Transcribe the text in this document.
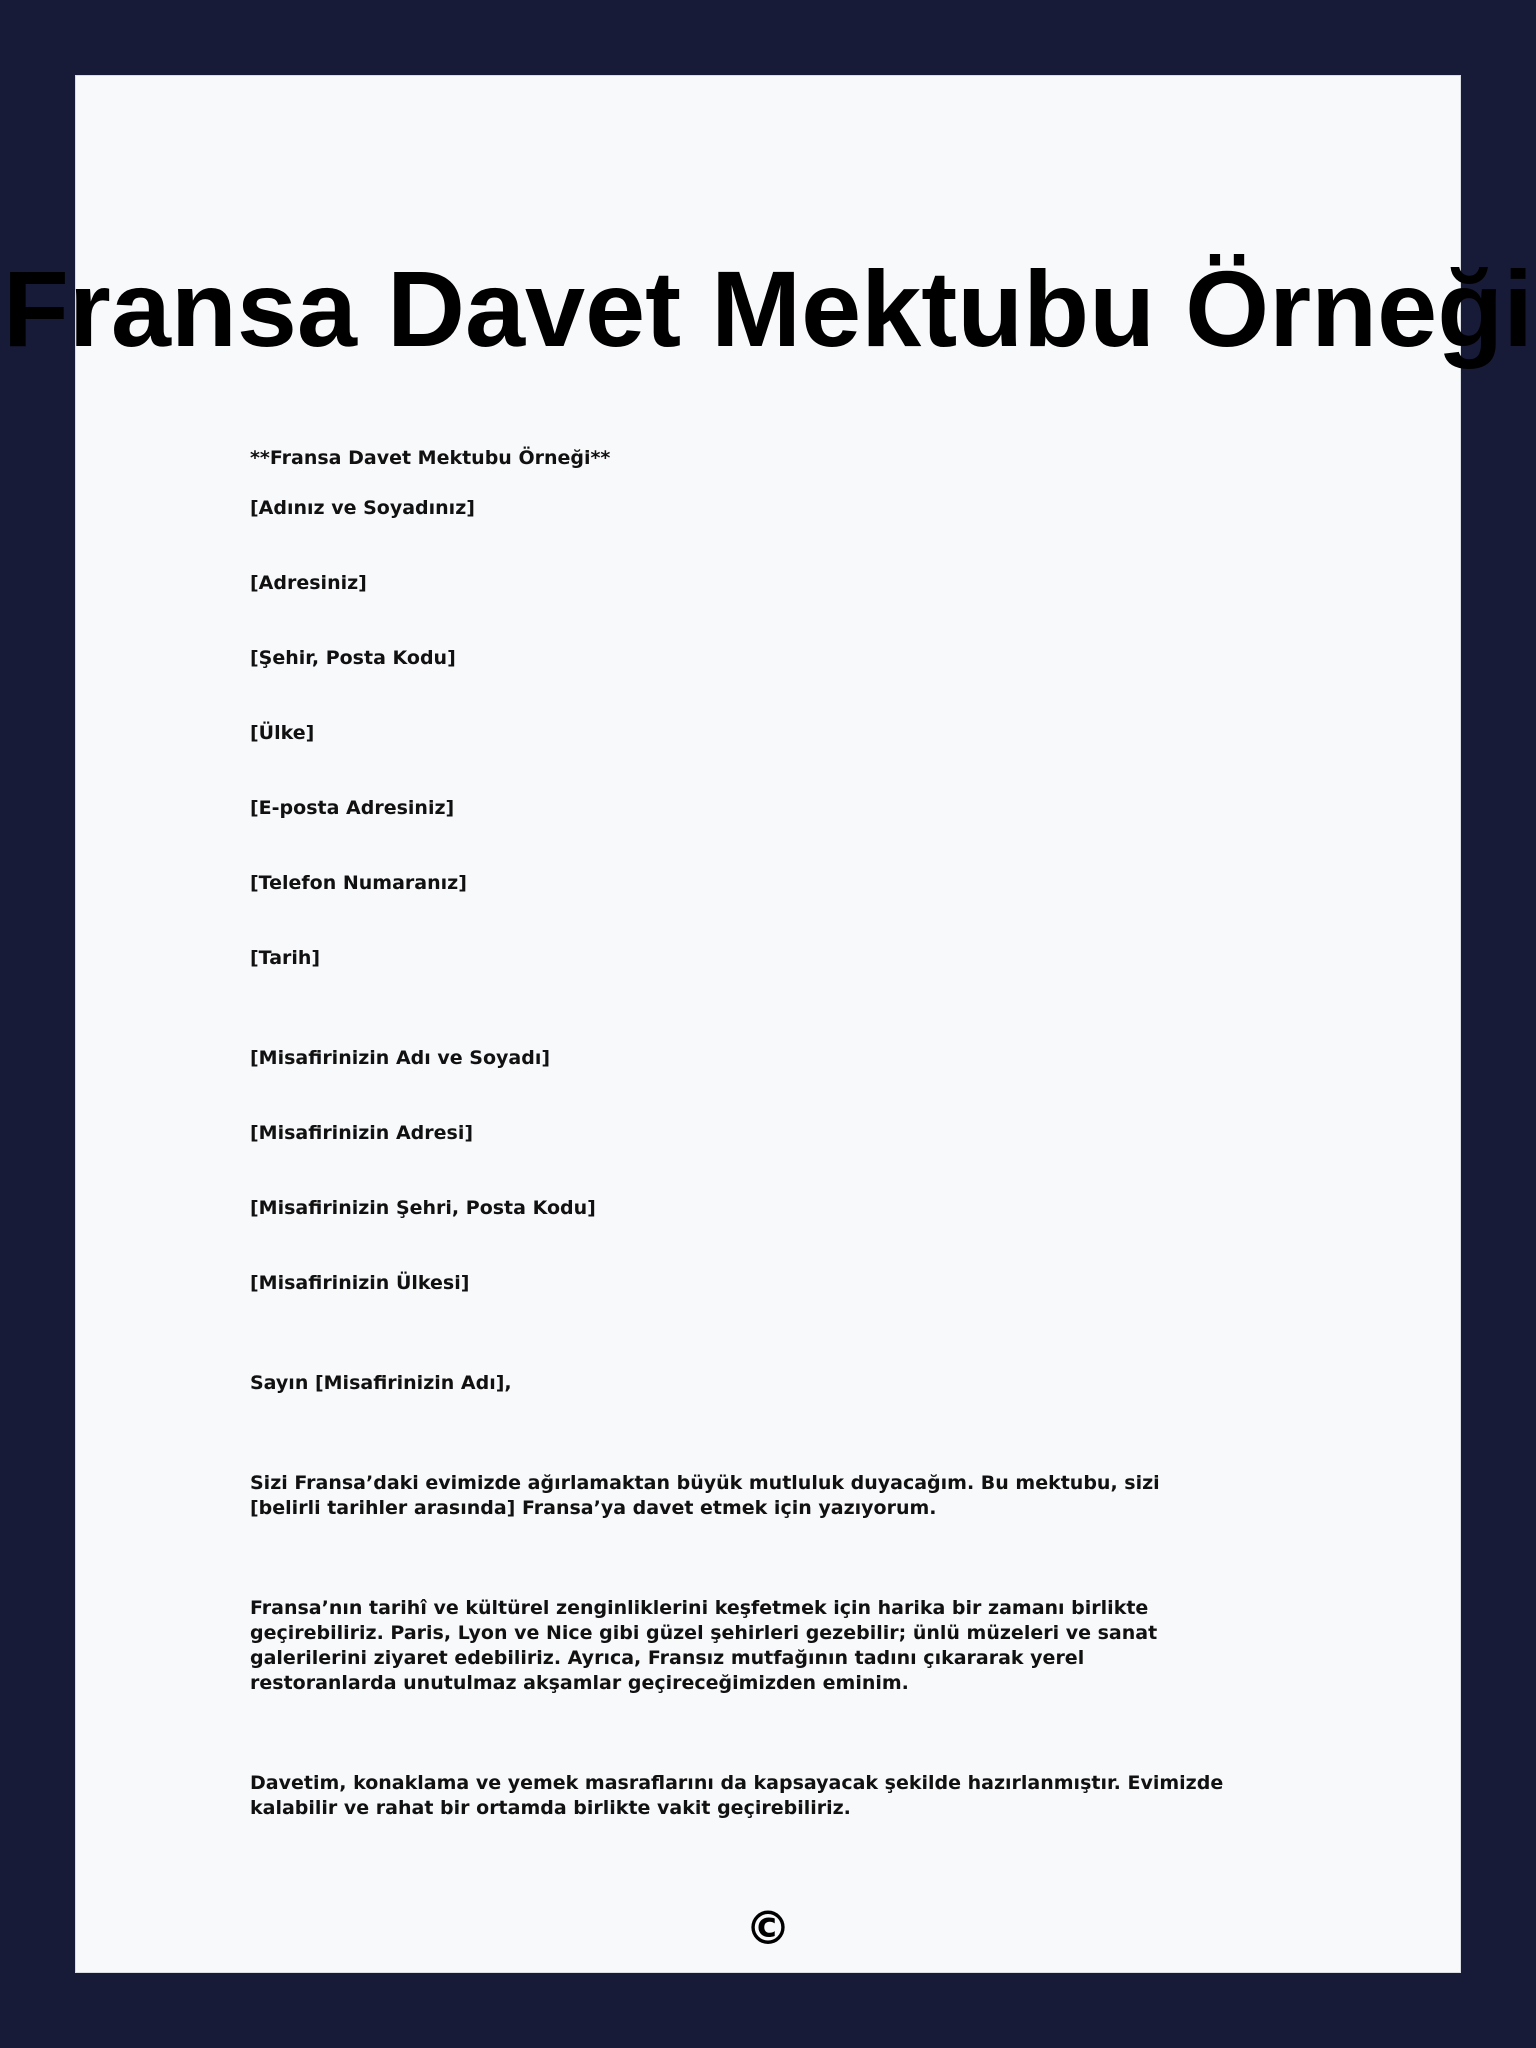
Fransa Davet Mektubu Örneği

**Fransa Davet Mektubu Örneği**

[Adınız ve Soyadınız]

[Adresiniz]

[Şehir, Posta Kodu]

[Ülke]

[E-posta Adresiniz]

[Telefon Numaranız]

[Tarih]

[Misafirinizin Adı ve Soyadı]

[Misafirinizin Adresi]

[Misafirinizin Şehri, Posta Kodu]

[Misafirinizin Ülkesi]

Sayın [Misafirinizin Adı],

Sizi Fransa’daki evimizde ağırlamaktan büyük mutluluk duyacağım. Bu mektubu, sizi [belirli tarihler arasında] Fransa’ya davet etmek için yazıyorum.

Fransa’nın tarihî ve kültürel zenginliklerini keşfetmek için harika bir zamanı birlikte geçirebiliriz. Paris, Lyon ve Nice gibi güzel şehirleri gezebilir; ünlü müzeleri ve sanat galerilerini ziyaret edebiliriz. Ayrıca, Fransız mutfağının tadını çıkararak yerel restoranlarda unutulmaz akşamlar geçireceğimizden eminim.

Davetim, konaklama ve yemek masraflarını da kapsayacak şekilde hazırlanmıştır. Evimizde kalabilir ve rahat bir ortamda birlikte vakit geçirebiliriz.

©
